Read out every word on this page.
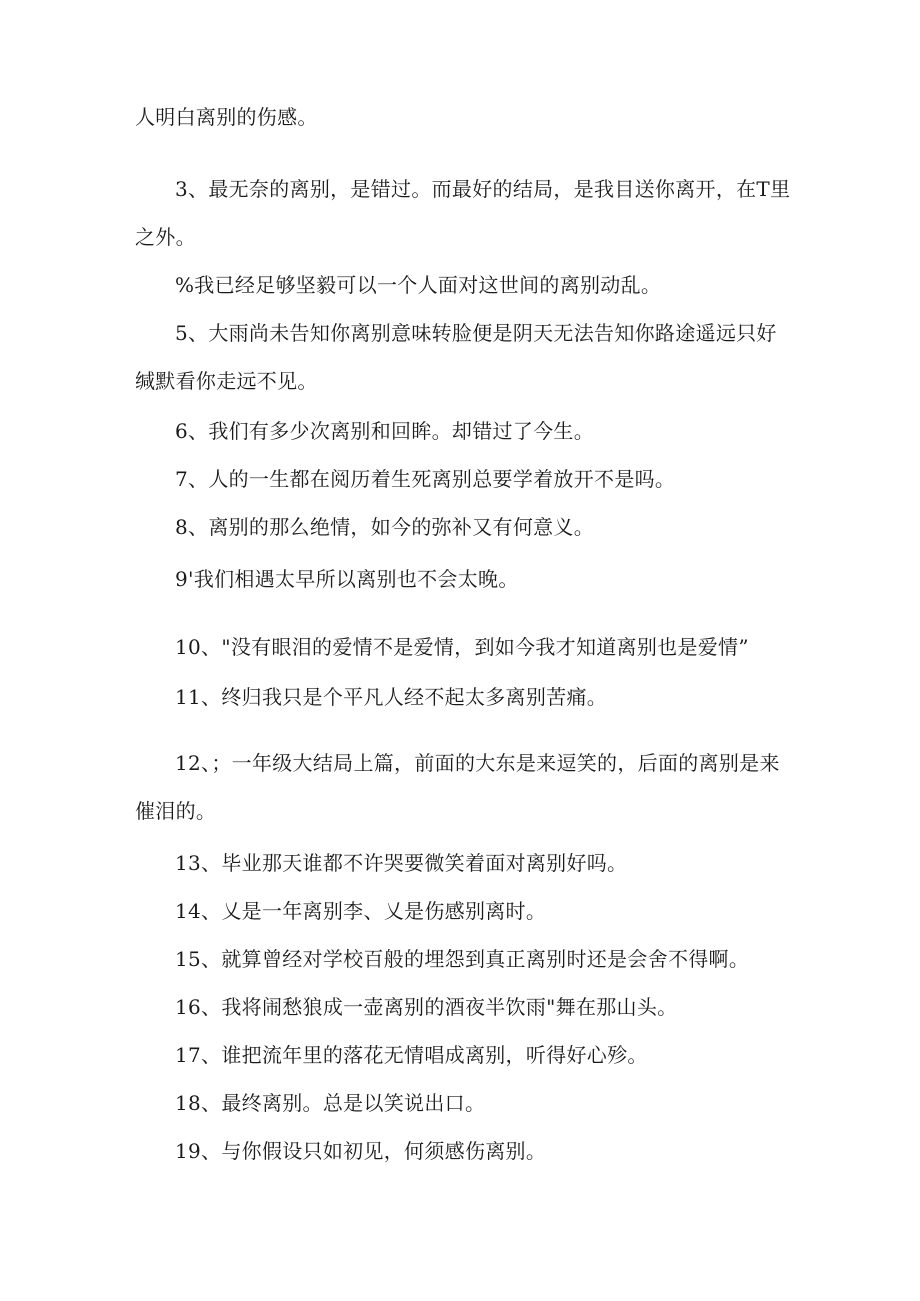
人明白离别的伤感。

3、最无奈的离别，是错过。而最好的结局，是我目送你离开，在T里

之外。

%我已经足够坚毅可以一个人面对这世间的离别动乱。

5、大雨尚未告知你离别意味转脸便是阴天无法告知你路途遥远只好

缄默看你走远不见。

6、我们有多少次离别和回眸。却错过了今生。

7、人的一生都在阅历着生死离别总要学着放开不是吗。

8、离别的那么绝情，如今的弥补又有何意义。

9'我们相遇太早所以离别也不会太晚。

10、"没有眼泪的爱情不是爱情，到如今我才知道离别也是爱情”

11、终归我只是个平凡人经不起太多离别苦痛。

12、；一年级大结局上篇，前面的大东是来逗笑的，后面的离别是来

催泪的。

13、毕业那天谁都不许哭要微笑着面对离别好吗。

14、乂是一年离别李、乂是伤感别离时。

15、就算曾经对学校百般的埋怨到真正离别时还是会舍不得啊。

16、我将闹愁狼成一壶离别的酒夜半饮雨"舞在那山头。

17、谁把流年里的落花无情唱成离别，听得好心殄。

18、最终离别。总是以笑说出口。

19、与你假设只如初见，何须感伤离别。
